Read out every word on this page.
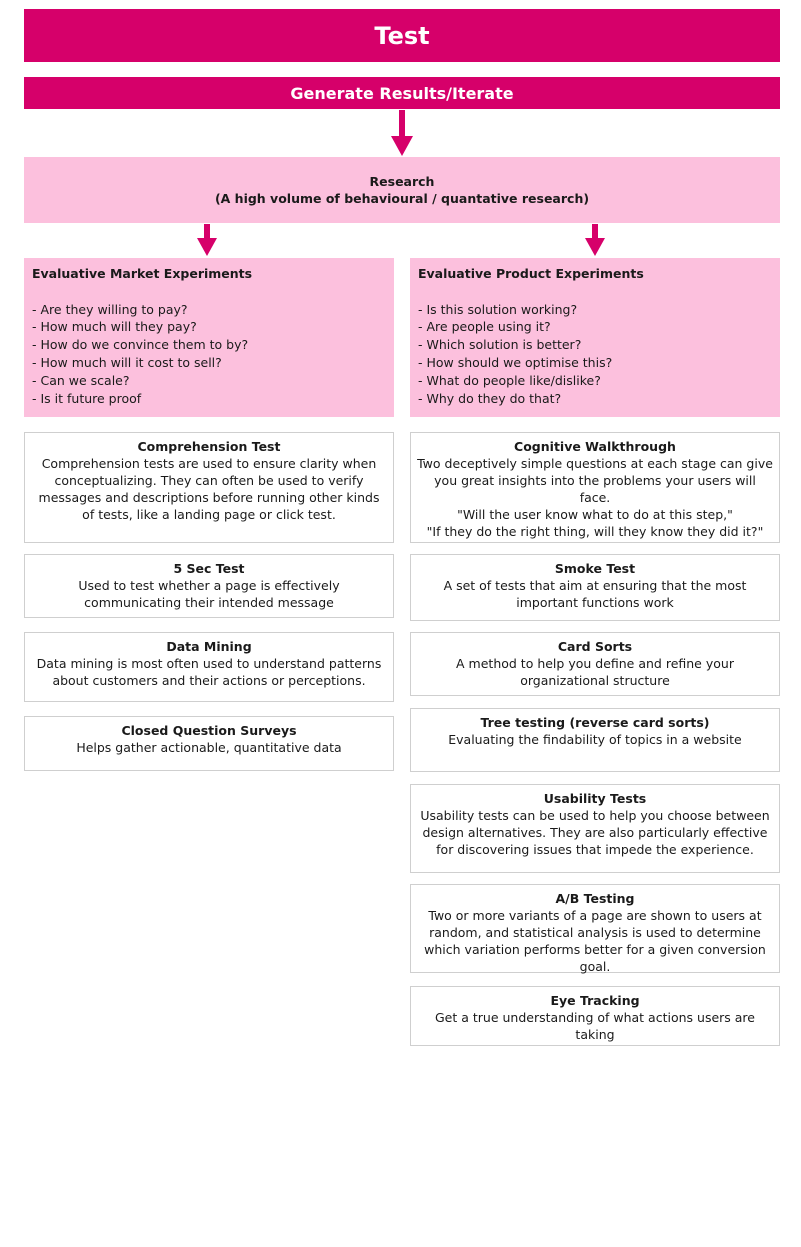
Test
Generate Results/Iterate
Research
(A high volume of behavioural / quantative research)
Evaluative Market Experiments
- Are they willing to pay?
- How much will they pay?
- How do we convince them to by?
- How much will it cost to sell?
- Can we scale?
- Is it future proof
Evaluative Product Experiments
- Is this solution working?
- Are people using it?
- Which solution is better?
- How should we optimise this?
- What do people like/dislike?
- Why do they do that?
Comprehension Test
Comprehension tests are used to ensure clarity when conceptualizing. They can often be used to verify messages and descriptions before running other kinds of tests, like a landing page or click test.
5 Sec Test
Used to test whether a page is effectively communicating their intended message
Data Mining
Data mining is most often used to understand patterns about customers and their actions or perceptions.
Closed Question Surveys
Helps gather actionable, quantitative data
Cognitive Walkthrough
Two deceptively simple questions at each stage can give you great insights into the problems your users will face.
"Will the user know what to do at this step,"
"If they do the right thing, will they know they did it?"
Smoke Test
A set of tests that aim at ensuring that the most important functions work
Card Sorts
A method to help you define and refine your organizational structure
Tree testing (reverse card sorts)
Evaluating the findability of topics in a website
Usability Tests
Usability tests can be used to help you choose between design alternatives. They are also particularly effective for discovering issues that impede the experience.
A/B Testing
Two or more variants of a page are shown to users at random, and statistical analysis is used to determine which variation performs better for a given conversion goal.
Eye Tracking
Get a true understanding of what actions users are taking
